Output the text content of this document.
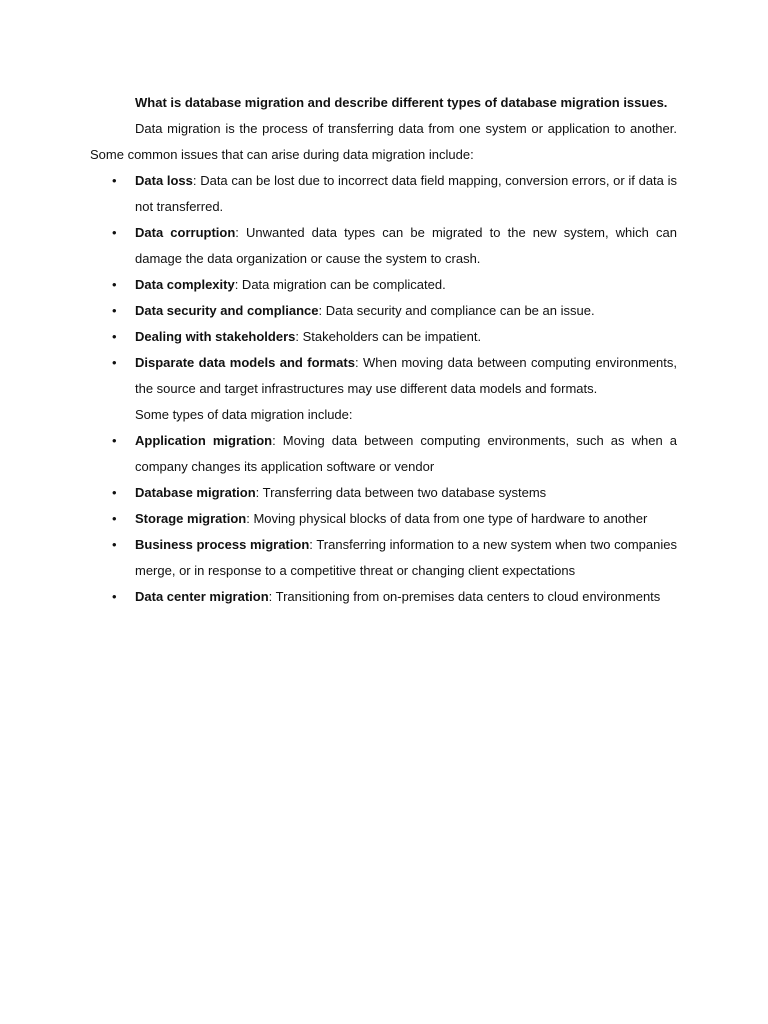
What is database migration and describe different types of database migration issues.

Data migration is the process of transferring data from one system or application to another. Some common issues that can arise during data migration include:

• Data loss: Data can be lost due to incorrect data field mapping, conversion errors, or if data is not transferred.
• Data corruption: Unwanted data types can be migrated to the new system, which can damage the data organization or cause the system to crash.
• Data complexity: Data migration can be complicated.
• Data security and compliance: Data security and compliance can be an issue.
• Dealing with stakeholders: Stakeholders can be impatient.
• Disparate data models and formats: When moving data between computing environments, the source and target infrastructures may use different data models and formats.

Some types of data migration include:

• Application migration: Moving data between computing environments, such as when a company changes its application software or vendor
• Database migration: Transferring data between two database systems
• Storage migration: Moving physical blocks of data from one type of hardware to another
• Business process migration: Transferring information to a new system when two companies merge, or in response to a competitive threat or changing client expectations
• Data center migration: Transitioning from on-premises data centers to cloud environments
